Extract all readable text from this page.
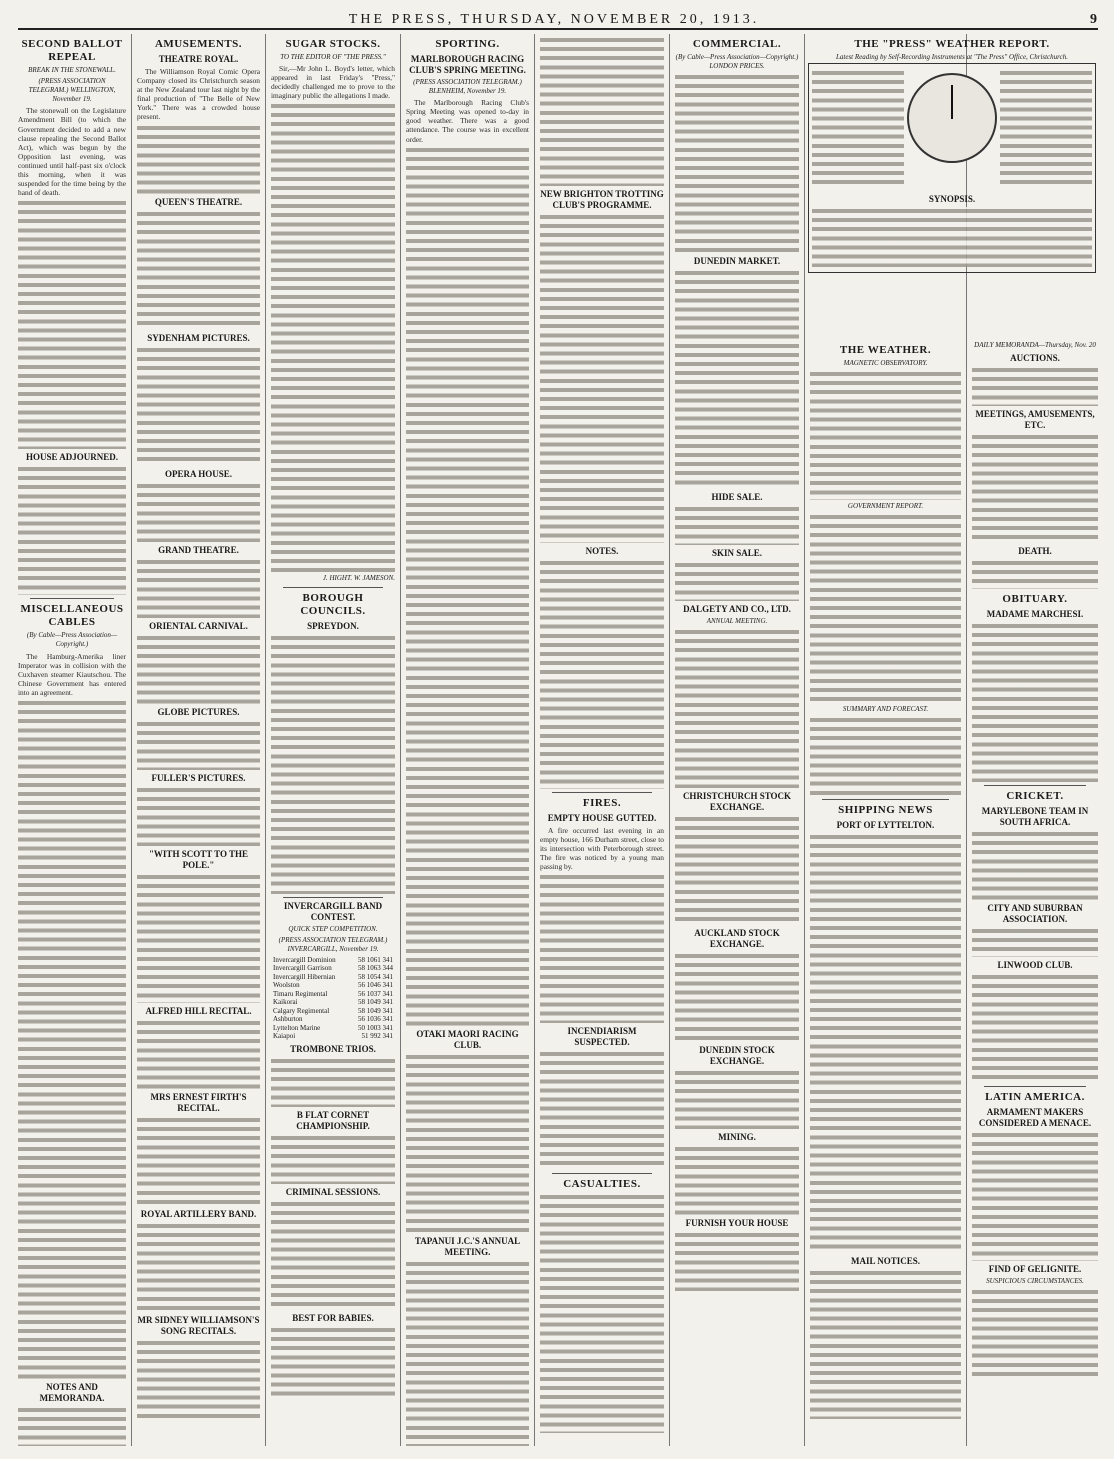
THE PRESS, THURSDAY, NOVEMBER 20, 1913.	9
SECOND BALLOT REPEAL
BREAK IN THE STONEWALL.
(PRESS ASSOCIATION TELEGRAM.) WELLINGTON, November 19.

The stonewall on the Legislature Amendment Bill (to which the Government decided to add a new clause repealing the Second Ballot Act), which was begun by the Opposition last evening, was continued until half-past six o'clock this morning, when it was suspended for the time being by the hand of death.

HOUSE ADJOURNED.
MISCELLANEOUS CABLES
(By Cable—Press Association—Copyright.)

The Hamburg-Amerika liner Imperator was in collision with the Cuxhaven steamer Kiautschou. The Chinese Government has entered into an agreement.

NOTES AND MEMORANDA.
AMUSEMENTS.
THEATRE ROYAL.

The Williamson Royal Comic Opera Company closed its Christchurch season at the New Zealand tour last night by the final production of "The Belle of New York." There was a crowded house present.

QUEEN'S THEATRE.
SYDENHAM PICTURES.
OPERA HOUSE.
GRAND THEATRE.
ORIENTAL CARNIVAL.
GLOBE PICTURES.
FULLER'S PICTURES.
"WITH SCOTT TO THE POLE."
ALFRED HILL RECITAL.
MRS ERNEST FIRTH'S RECITAL.
ROYAL ARTILLERY BAND.
MR SIDNEY WILLIAMSON'S SONG RECITALS.
SUGAR STOCKS.
TO THE EDITOR OF "THE PRESS."

Sir,—Mr John L. Boyd's letter, which appeared in last Friday's "Press," decidedly challenged me to prove to the imaginary public the allegations I made.

J. HIGHT. W. JAMESON.
BOROUGH COUNCILS.
SPREYDON.
INVERCARGILL BAND CONTEST.
QUICK STEP COMPETITION.
(PRESS ASSOCIATION TELEGRAM.) INVERCARGILL, November 19.
Invercargill Dominion	58 1061 341
Invercargill Garrison	58 1063 344
Invercargill Hibernian	58 1054 341
Woolston	56 1046 341
Timaru Regimental	56 1037 341
Kaikorai	58 1049 341
Calgary Regimental	58 1049 341
Ashburton	56 1036 341
Lyttelton Marine	50 1003 341
Kaiapoi	51 992 341
TROMBONE TRIOS.
B FLAT CORNET CHAMPIONSHIP.
CRIMINAL SESSIONS.
BEST FOR BABIES.
SPORTING.
MARLBOROUGH RACING CLUB'S SPRING MEETING.
(PRESS ASSOCIATION TELEGRAM.) BLENHEIM, November 19.

The Marlborough Racing Club's Spring Meeting was opened to-day in good weather. There was a good attendance. The course was in excellent order.

OTAKI MAORI RACING CLUB.
TAPANUI J.C.'S ANNUAL MEETING.
NEW BRIGHTON TROTTING CLUB'S PROGRAMME.
NOTES.
FIRES.
EMPTY HOUSE GUTTED.

A fire occurred last evening in an empty house, 166 Durham street, close to its intersection with Peterborough street. The fire was noticed by a young man passing by.

INCENDIARISM SUSPECTED.
CASUALTIES.
COMMERCIAL.
(By Cable—Press Association—Copyright.) LONDON PRICES.
DUNEDIN MARKET.
HIDE SALE.
SKIN SALE.
DALGETY AND CO., LTD.
ANNUAL MEETING.
CHRISTCHURCH STOCK EXCHANGE.
AUCKLAND STOCK EXCHANGE.
DUNEDIN STOCK EXCHANGE.
MINING.
FURNISH YOUR HOUSE
THE "PRESS" WEATHER REPORT.
Latest Reading by Self-Recording Instruments at "The Press" Office, Christchurch.
SYNOPSIS.
THE WEATHER.
MAGNETIC OBSERVATORY.
GOVERNMENT REPORT.
SUMMARY AND FORECAST.
SHIPPING NEWS
PORT OF LYTTELTON.
MAIL NOTICES.
DAILY MEMORANDA—Thursday, Nov. 20
AUCTIONS.
MEETINGS, AMUSEMENTS, ETC.
DEATH.
OBITUARY.
MADAME MARCHESI.
CRICKET.
MARYLEBONE TEAM IN SOUTH AFRICA.
CITY AND SUBURBAN ASSOCIATION.
LINWOOD CLUB.
LATIN AMERICA.
ARMAMENT MAKERS CONSIDERED A MENACE.
FIND OF GELIGNITE.
SUSPICIOUS CIRCUMSTANCES.
